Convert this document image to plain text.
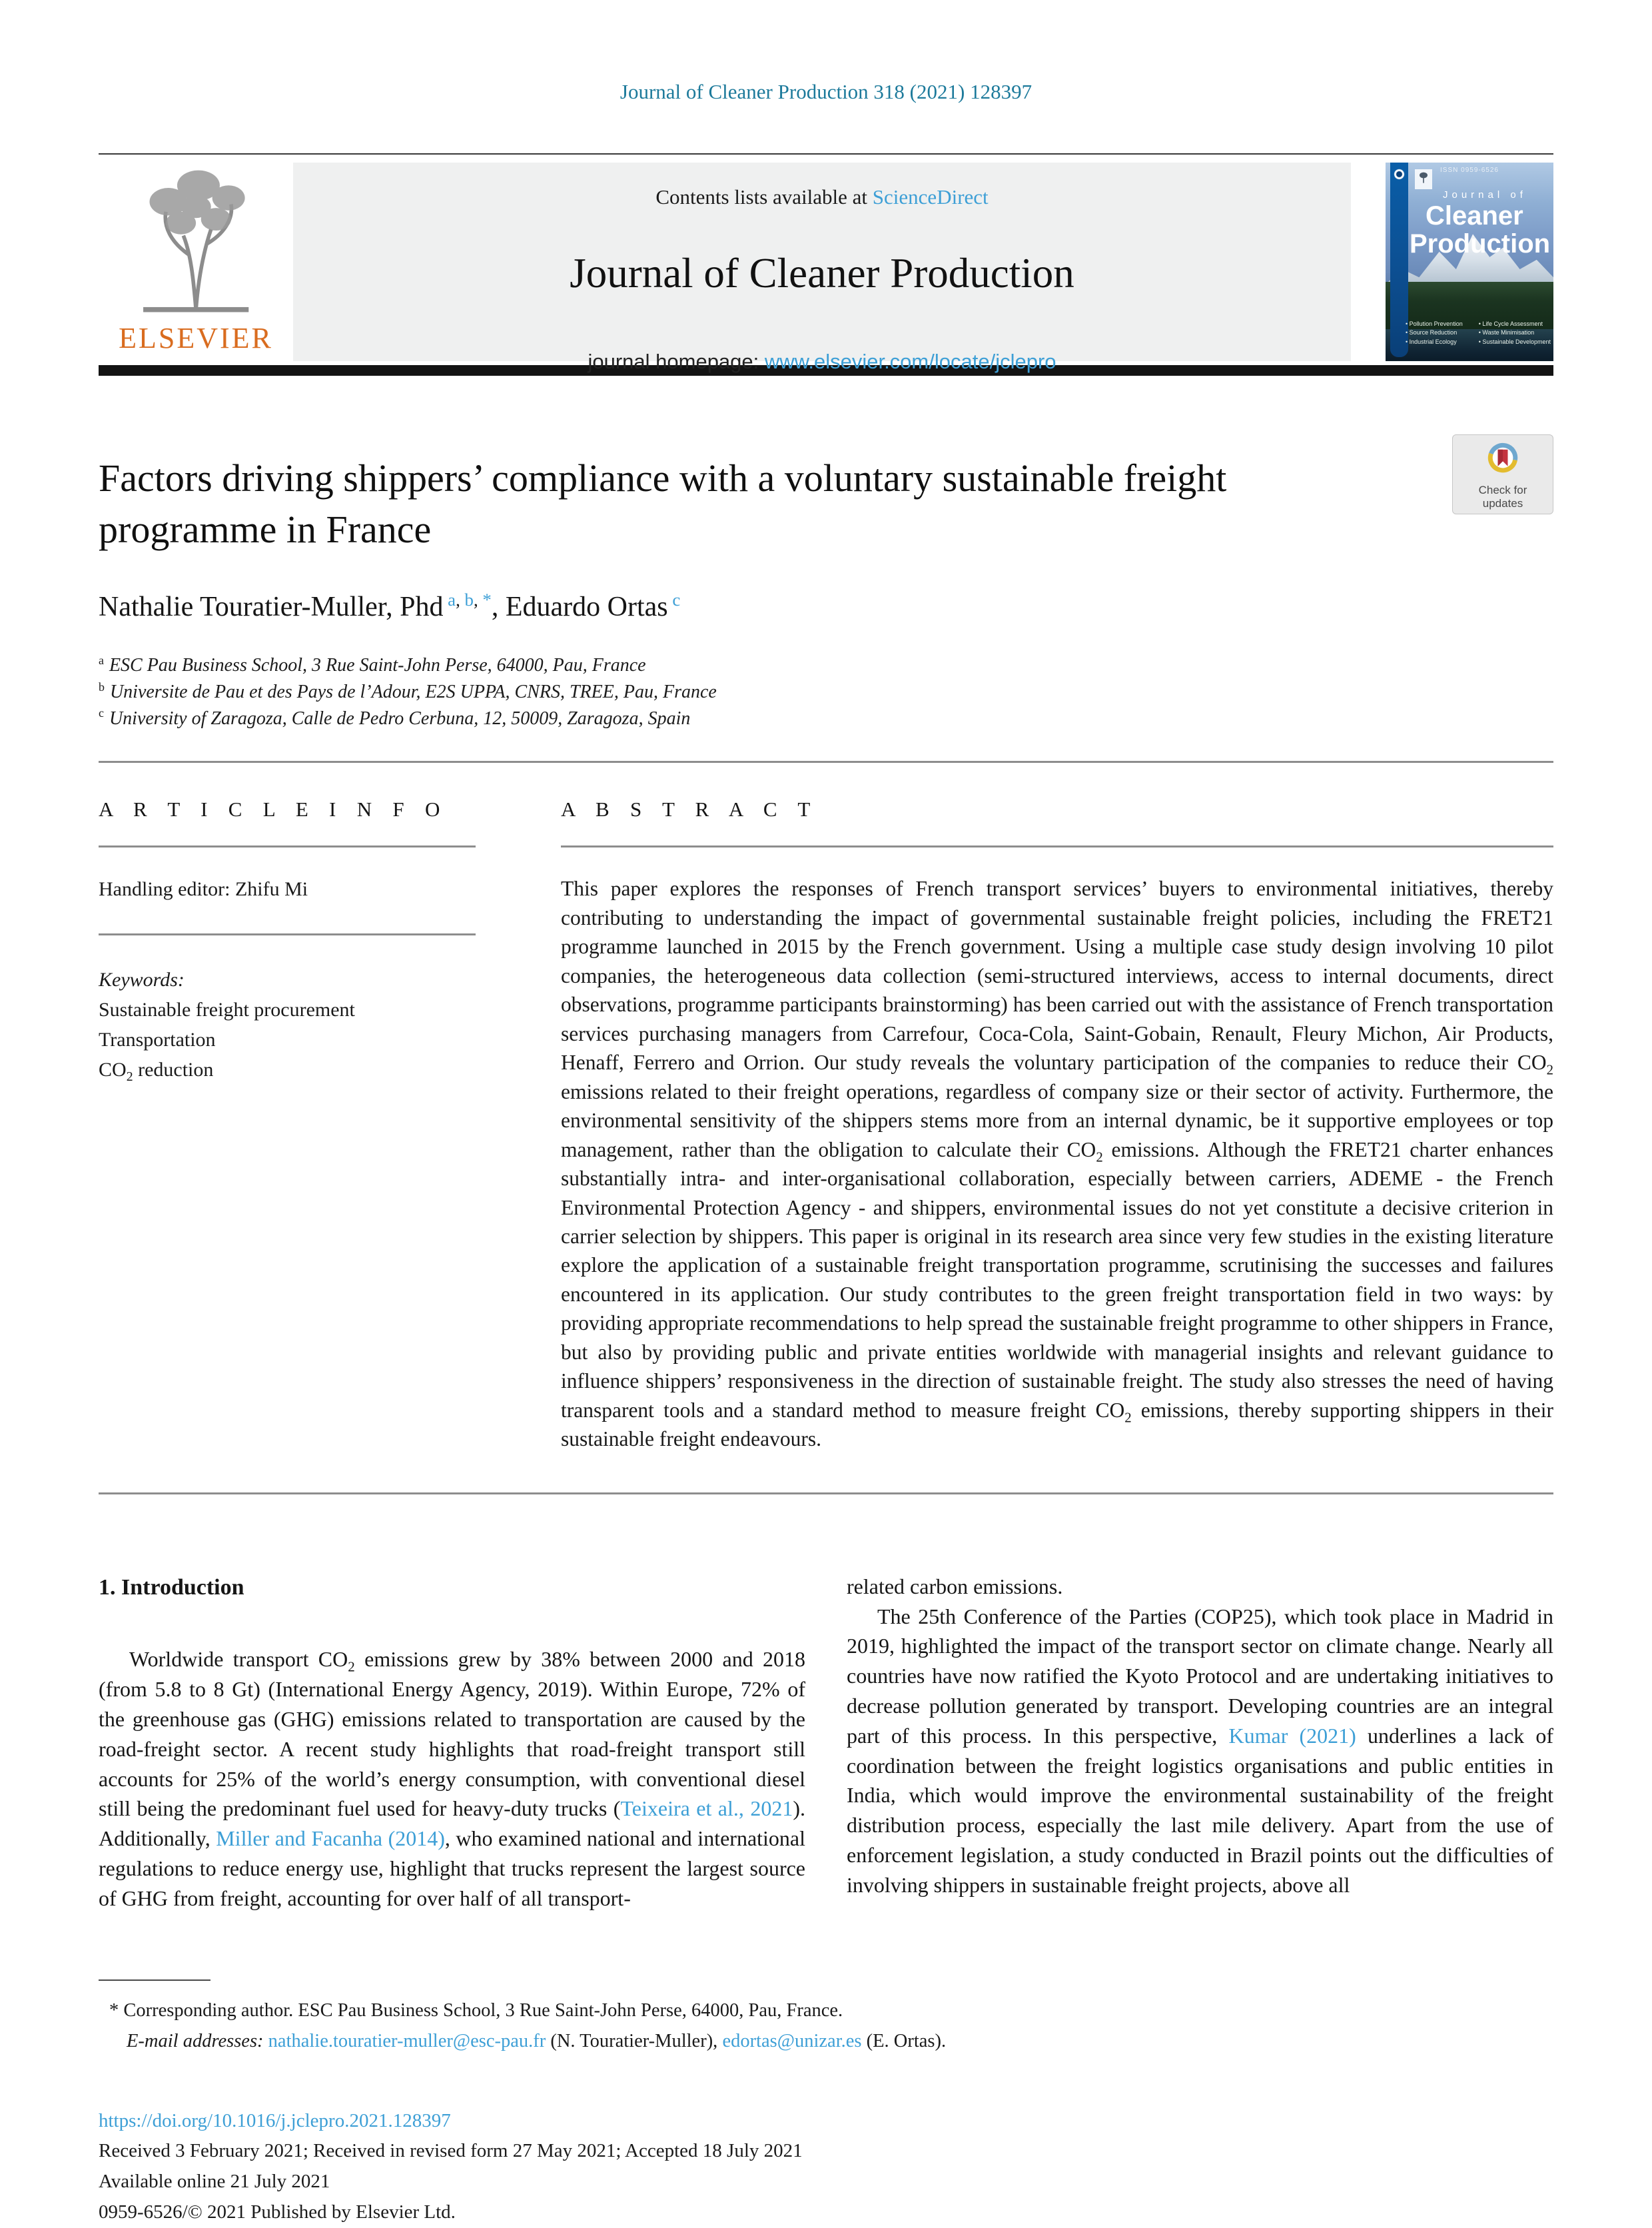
Journal of Cleaner Production 318 (2021) 128397
ELSEVIER
Contents lists available at ScienceDirect
Journal of Cleaner Production
journal homepage: www.elsevier.com/locate/jclepro
ISSN 0959-6526
Journal of
Cleaner
Production
• Pollution Prevention
• Source Reduction
• Industrial Ecology
• Life Cycle Assessment
• Waste Minimisation
• Sustainable Development
Factors driving shippers’ compliance with a voluntary sustainable freight programme in France
Check for
updates
Nathalie Touratier-Muller, Phd $^{a,}$ $^{b,}$ *, Eduardo Ortas $^c$
$^a$ ESC Pau Business School, 3 Rue Saint-John Perse, 64000, Pau, France
$^b$ Universite de Pau et des Pays de l’Adour, E2S UPPA, CNRS, TREE, Pau, France
$^c$ University of Zaragoza, Calle de Pedro Cerbuna, 12, 50009, Zaragoza, Spain
A R T I C L E I N F O
Handling editor: Zhifu Mi
Keywords:
Sustainable freight procurement
Transportation
$CO_2$ reduction
A B S T R A C T
This paper explores the responses of French transport services’ buyers to environmental initiatives, thereby contributing to understanding the impact of governmental sustainable freight policies, including the FRET21 programme launched in 2015 by the French government. Using a multiple case study design involving 10 pilot companies, the heterogeneous data collection (semi-structured interviews, access to internal documents, direct observations, programme participants brainstorming) has been carried out with the assistance of French transportation services purchasing managers from Carrefour, Coca-Cola, Saint-Gobain, Renault, Fleury Michon, Air Products, Henaff, Ferrero and Orrion. Our study reveals the voluntary participation of the companies to reduce their $CO_2$ emissions related to their freight operations, regardless of company size or their sector of activity. Furthermore, the environmental sensitivity of the shippers stems more from an internal dynamic, be it supportive employees or top management, rather than the obligation to calculate their $CO_2$ emissions. Although the FRET21 charter enhances substantially intra- and inter-organisational collaboration, especially between carriers, ADEME - the French Environmental Protection Agency - and shippers, environmental issues do not yet constitute a decisive criterion in carrier selection by shippers. This paper is original in its research area since very few studies in the existing literature explore the application of a sustainable freight transportation programme, scrutinising the successes and failures encountered in its application. Our study contributes to the green freight transportation field in two ways: by providing appropriate recommendations to help spread the sustainable freight programme to other shippers in France, but also by providing public and private entities worldwide with managerial insights and relevant guidance to influence shippers’ responsiveness in the direction of sustainable freight. The study also stresses the need of having transparent tools and a standard method to measure freight $CO_2$ emissions, thereby supporting shippers in their sustainable freight endeavours.
1. Introduction

Worldwide transport $CO_2$ emissions grew by 38% between 2000 and 2018 (from 5.8 to 8 Gt) (International Energy Agency, 2019). Within Europe, 72% of the greenhouse gas (GHG) emissions related to transportation are caused by the road-freight sector. A recent study highlights that road-freight transport still accounts for 25% of the world’s energy consumption, with conventional diesel still being the predominant fuel used for heavy-duty trucks (Teixeira et al., 2021). Additionally, Miller and Facanha (2014), who examined national and international regulations to reduce energy use, highlight that trucks represent the largest source of GHG from freight, accounting for over half of all transport-

related carbon emissions.

The 25th Conference of the Parties (COP25), which took place in Madrid in 2019, highlighted the impact of the transport sector on climate change. Nearly all countries have now ratified the Kyoto Protocol and are undertaking initiatives to decrease pollution generated by transport. Developing countries are an integral part of this process. In this perspective, Kumar (2021) underlines a lack of coordination between the freight logistics organisations and public entities in India, which would improve the environmental sustainability of the freight distribution process, especially the last mile delivery. Apart from the use of enforcement legislation, a study conducted in Brazil points out the difficulties of involving shippers in sustainable freight projects, above all

* Corresponding author. ESC Pau Business School, 3 Rue Saint-John Perse, 64000, Pau, France.
E-mail addresses: nathalie.touratier-muller@esc-pau.fr (N. Touratier-Muller), edortas@unizar.es (E. Ortas).
https://doi.org/10.1016/j.jclepro.2021.128397
Received 3 February 2021; Received in revised form 27 May 2021; Accepted 18 July 2021
Available online 21 July 2021
0959-6526/© 2021 Published by Elsevier Ltd.
